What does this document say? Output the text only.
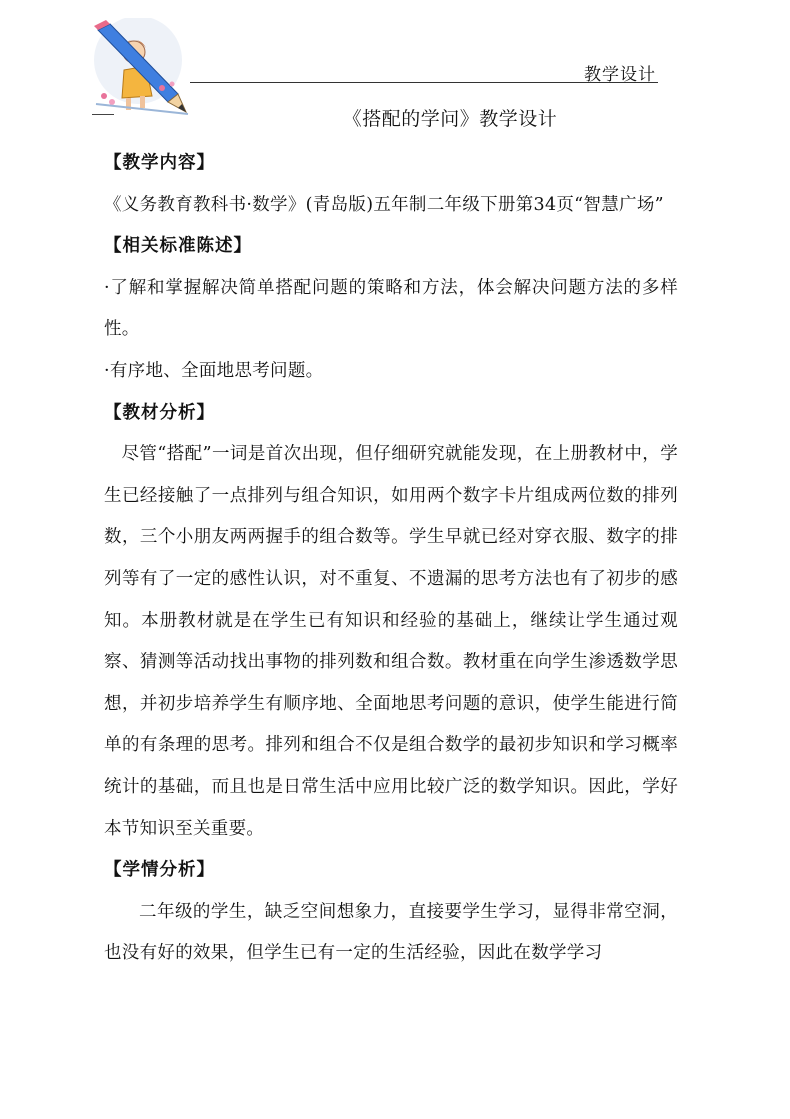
教学设计
《搭配的学问》教学设计
【教学内容】
《义务教育教科书·数学》(青岛版)五年制二年级下册第34页“智慧广场”
【相关标准陈述】
·了解和掌握解决简单搭配问题的策略和方法，体会解决问题方法的多样性。
·有序地、全面地思考问题。
【教材分析】
尽管“搭配”一词是首次出现，但仔细研究就能发现，在上册教材中，学生已经接触了一点排列与组合知识，如用两个数字卡片组成两位数的排列数，三个小朋友两两握手的组合数等。学生早就已经对穿衣服、数字的排列等有了一定的感性认识，对不重复、不遗漏的思考方法也有了初步的感知。本册教材就是在学生已有知识和经验的基础上，继续让学生通过观察、猜测等活动找出事物的排列数和组合数。教材重在向学生渗透数学思想，并初步培养学生有顺序地、全面地思考问题的意识，使学生能进行简单的有条理的思考。排列和组合不仅是组合数学的最初步知识和学习概率统计的基础，而且也是日常生活中应用比较广泛的数学知识。因此，学好本节知识至关重要。
【学情分析】
二年级的学生，缺乏空间想象力，直接要学生学习，显得非常空洞，也没有好的效果，但学生已有一定的生活经验，因此在数学学习
